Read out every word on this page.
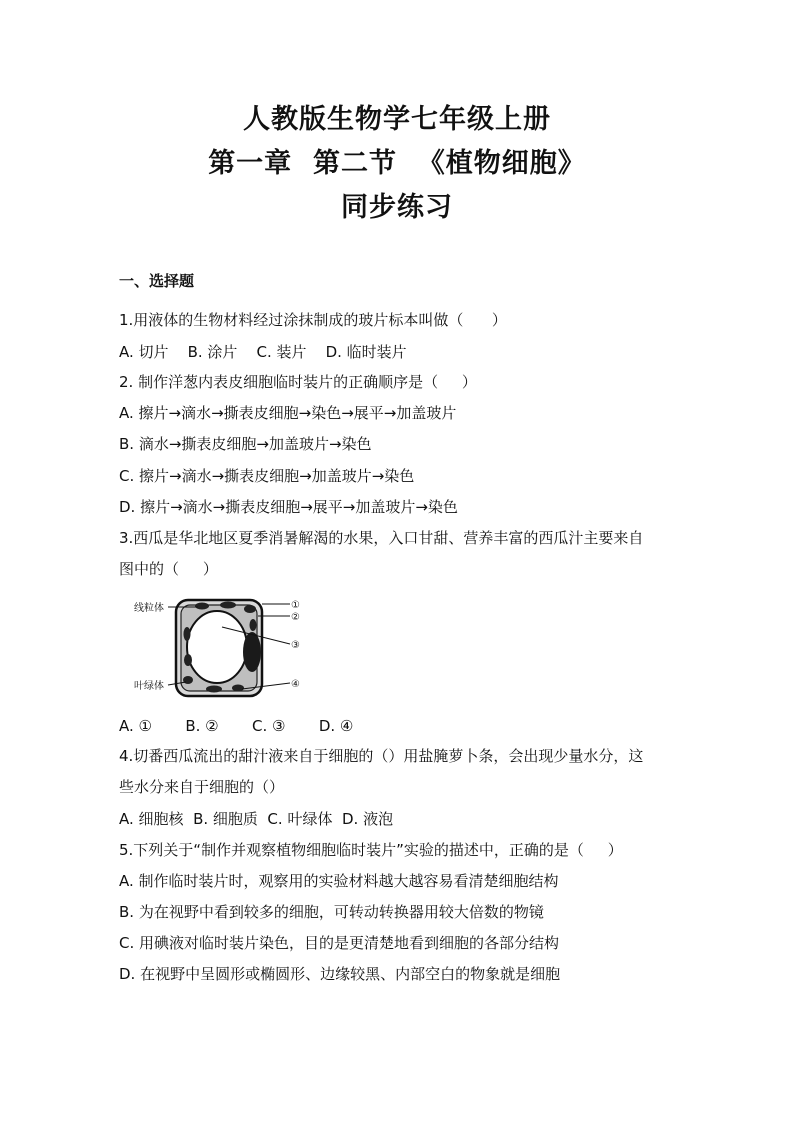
人教版生物学七年级上册
第一章  第二节  《植物细胞》
同步练习
一、选择题
1.用液体的生物材料经过涂抹制成的玻片标本叫做（      ）
A. 切片    B. 涂片    C. 装片    D. 临时装片
2. 制作洋葱内表皮细胞临时装片的正确顺序是（     ）
A. 擦片→滴水→撕表皮细胞→染色→展平→加盖玻片
B. 滴水→撕表皮细胞→加盖玻片→染色
C. 擦片→滴水→撕表皮细胞→加盖玻片→染色
D. 擦片→滴水→撕表皮细胞→展平→加盖玻片→染色
3.西瓜是华北地区夏季消暑解渴的水果，入口甘甜、营养丰富的西瓜汁主要来自
图中的（     ）
线粒体
叶绿体
①
②
③
④
A. ①       B. ②       C. ③       D. ④
4.切番西瓜流出的甜汁液来自于细胞的（）用盐腌萝卜条，会出现少量水分，这
些水分来自于细胞的（）
A. 细胞核  B. 细胞质  C. 叶绿体  D. 液泡
5.下列关于“制作并观察植物细胞临时装片”实验的描述中，正确的是（     ）
A. 制作临时装片时，观察用的实验材料越大越容易看清楚细胞结构
B. 为在视野中看到较多的细胞，可转动转换器用较大倍数的物镜
C. 用碘液对临时装片染色，目的是更清楚地看到细胞的各部分结构
D. 在视野中呈圆形或椭圆形、边缘较黑、内部空白的物象就是细胞
